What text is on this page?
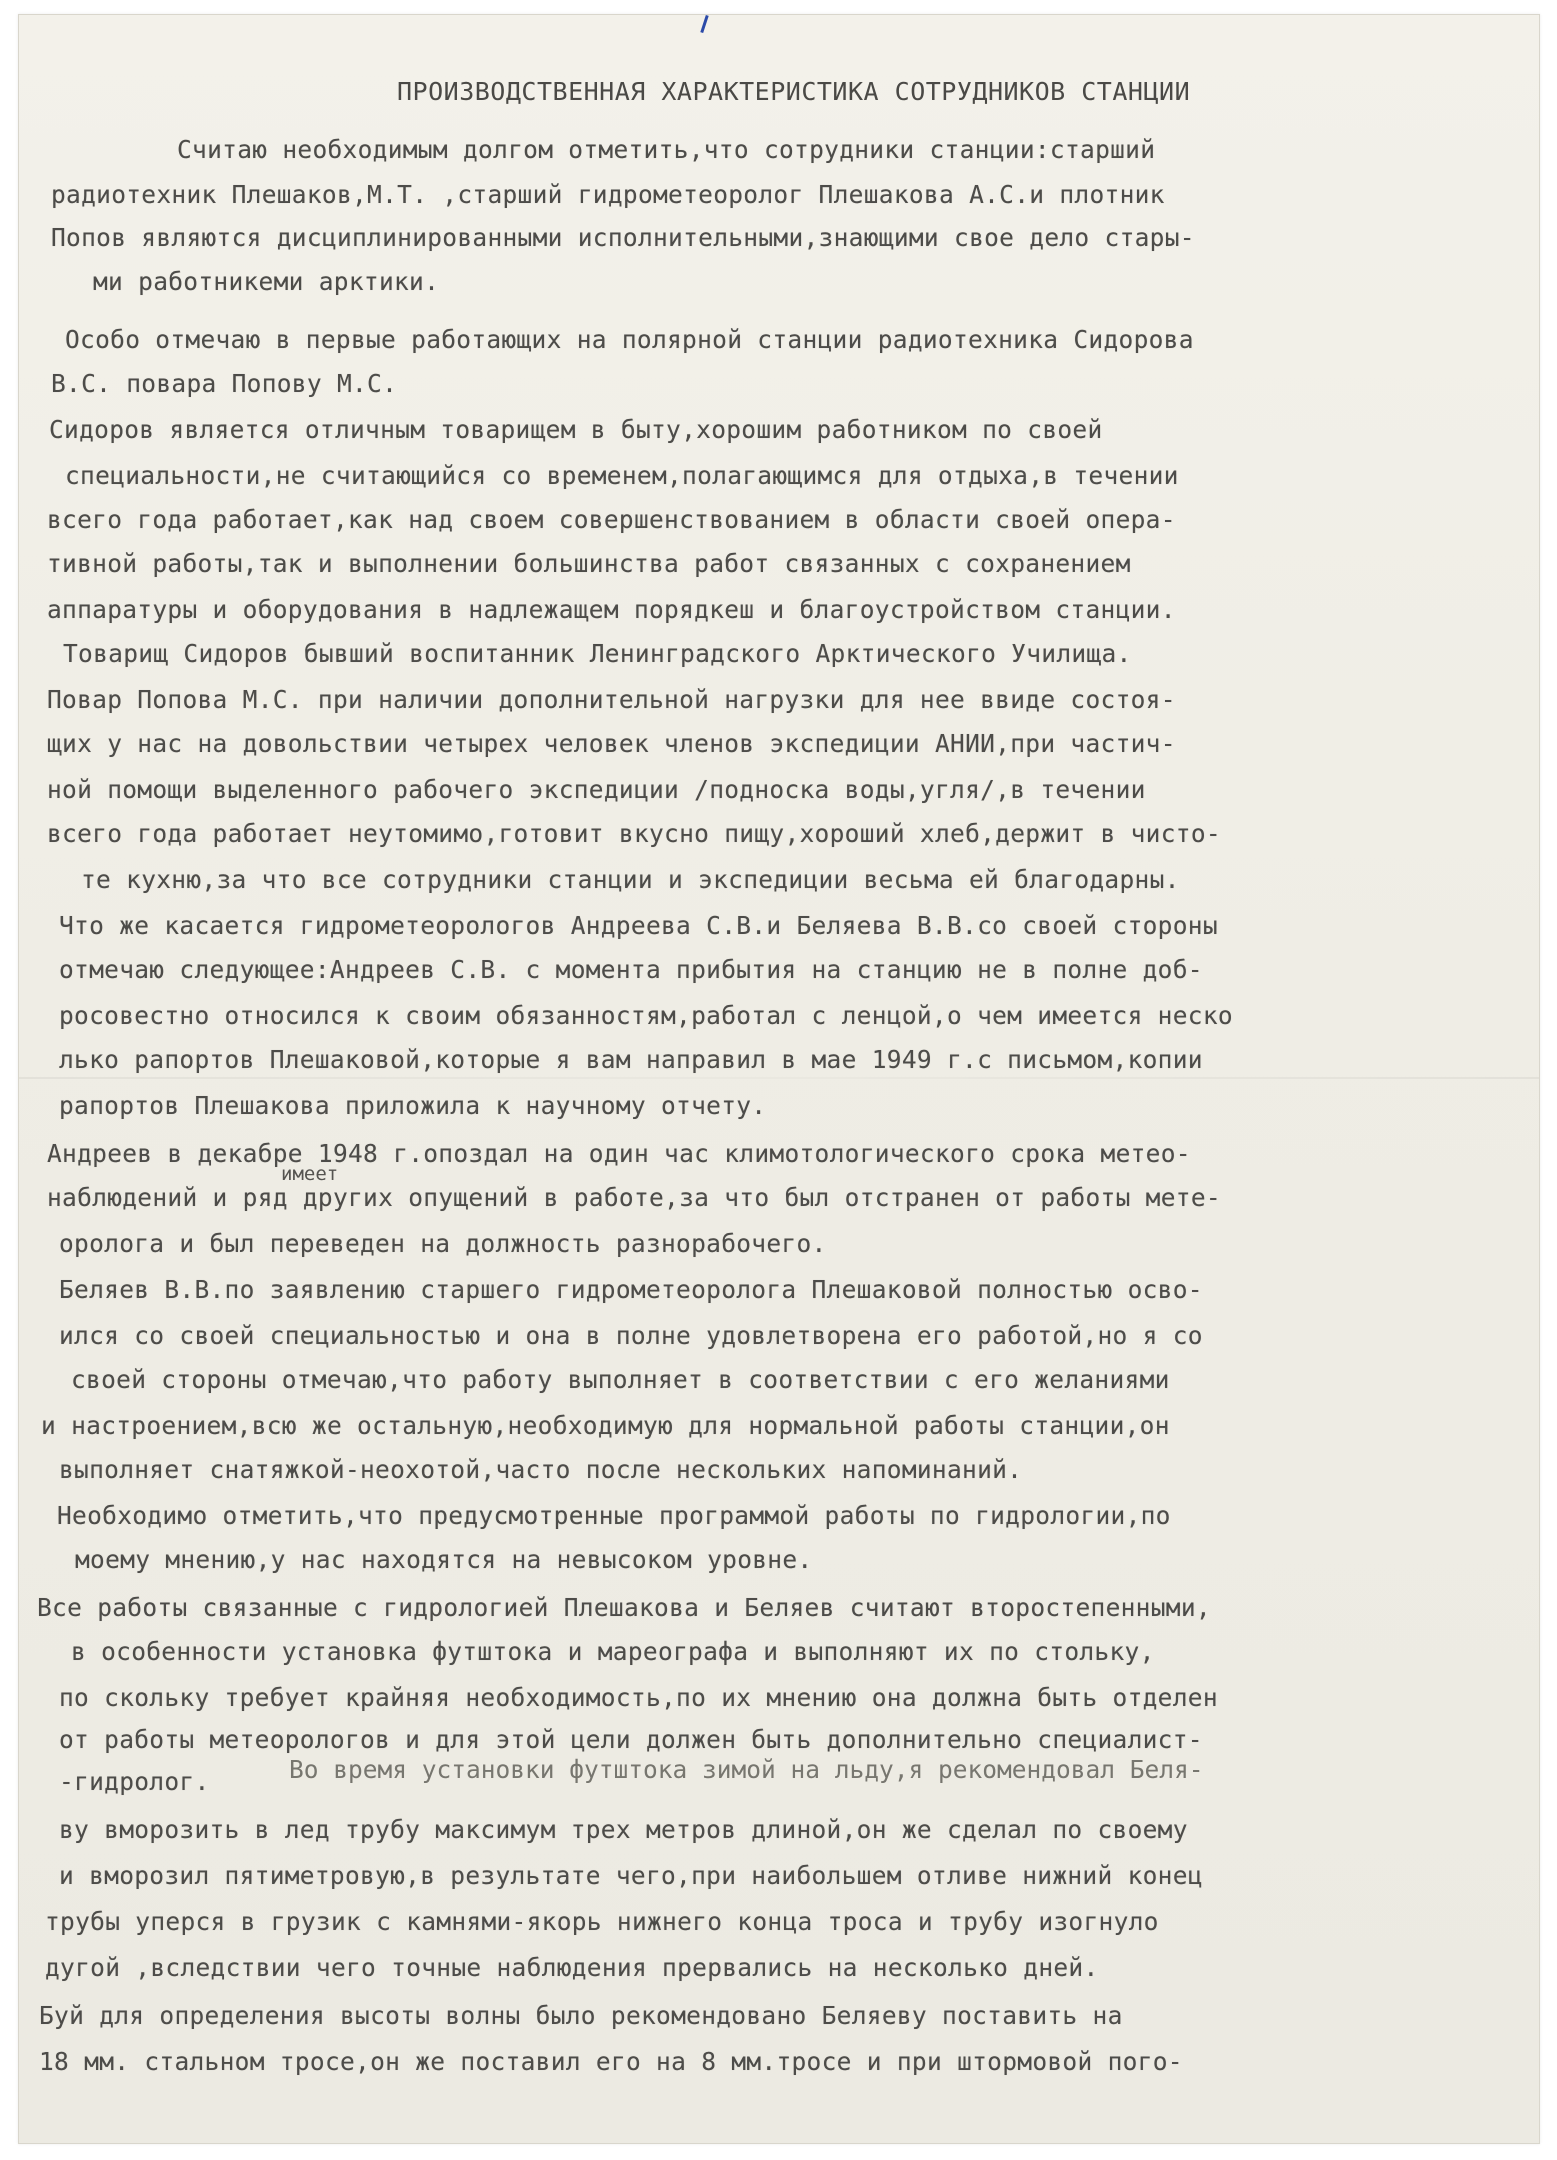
ПРОИЗВОДСТВЕННАЯ ХАРАКТЕРИСТИКА СОТРУДНИКОВ СТАНЦИИ
Считаю необходимым долгом отметить,что сотрудники станции:старший
радиотехник Плешаков,М.Т. ,старший гидрометеоролог Плешакова А.С.и плотник
Попов являются дисциплинированными исполнительными,знающими свое дело стары-
ми работникеми арктики.
Особо отмечаю в первые работающих на полярной станции радиотехника Сидорова
В.С. повара Попову М.С.
Сидоров является отличным товарищем в быту,хорошим работником по своей
специальности,не считающийся со временем,полагающимся для отдыха,в течении
всего года работает,как над своем совершенствованием в области своей опера-
тивной работы,так и выполнении большинства работ связанных с сохранением
аппаратуры и оборудования в надлежащем порядкеш и благоустройством станции.
Товарищ Сидоров бывший воспитанник Ленинградского Арктического Училища.
Повар Попова М.С. при наличии дополнительной нагрузки для нее ввиде состоя-
щих у нас на довольствии четырех человек членов экспедиции АНИИ,при частич-
ной помощи выделенного рабочего экспедиции /подноска воды,угля/,в течении
всего года работает неутомимо,готовит вкусно пищу,хороший хлеб,держит в чисто-
те кухню,за что все сотрудники станции и экспедиции весьма ей благодарны.
Что же касается гидрометеорологов Андреева С.В.и Беляева В.В.со своей стороны
отмечаю следующее:Андреев С.В. с момента прибытия на станцию не в полне доб-
росовестно относился к своим обязанностям,работал с ленцой,о чем имеется неско
лько рапортов Плешаковой,которые я вам направил в мае 1949 г.с письмом,копии
рапортов Плешакова приложила к научному отчету.
Андреев в декабре 1948 г.опоздал на один час климотологического срока метео-
имеет
наблюдений и ряд других опущений в работе,за что был отстранен от работы мете-
оролога и был переведен на должность разнорабочего.
Беляев В.В.по заявлению старшего гидрометеоролога Плешаковой полностью осво-
ился со своей специальностью и она в полне удовлетворена его работой,но я со
своей стороны отмечаю,что работу выполняет в соответствии с его желаниями
и настроением,всю же остальную,необходимую для нормальной работы станции,он
выполняет снатяжкой-неохотой,часто после нескольких напоминаний.
Необходимо отметить,что предусмотренные программой работы по гидрологии,по
моему мнению,у нас находятся на невысоком уровне.
Все работы связанные с гидрологией Плешакова и Беляев считают второстепенными,
в особенности установка футштока и мареографа и выполняют их по стольку,
по скольку требует крайняя необходимость,по их мнению она должна быть отделен
от работы метеорологов и для этой цели должен быть дополнительно специалист-
Во время установки футштока зимой на льду,я рекомендовал Беля-
-гидролог.
ву вморозить в лед трубу максимум трех метров длиной,он же сделал по своему
и вморозил пятиметровую,в результате чего,при наибольшем отливе нижний конец
трубы уперся в грузик с камнями-якорь нижнего конца троса и трубу изогнуло
дугой ,вследствии чего точные наблюдения прервались на несколько дней.
Буй для определения высоты волны было рекомендовано Беляеву поставить на
18 мм. стальном тросе,он же поставил его на 8 мм.тросе и при штормовой пого-
